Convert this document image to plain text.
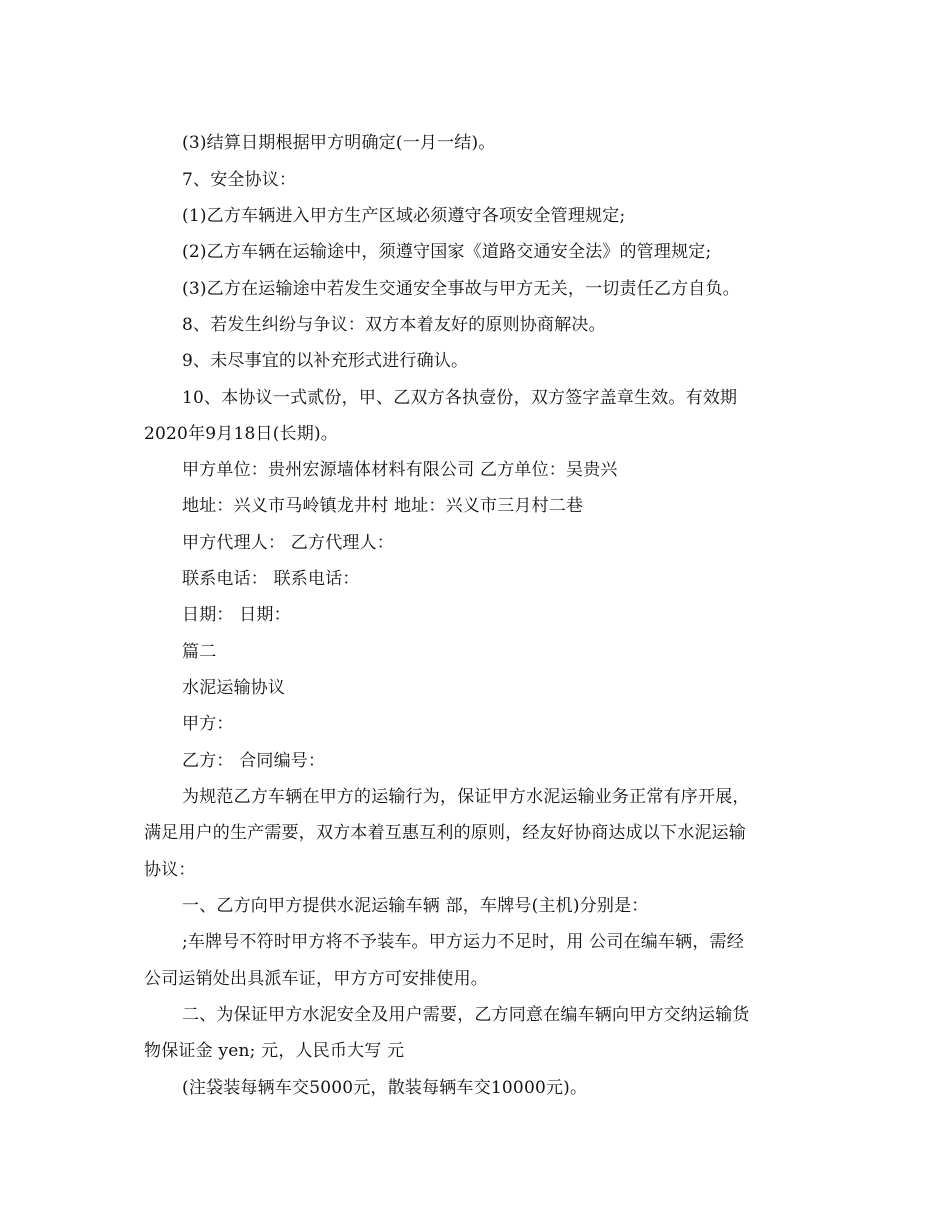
(3)结算日期根据甲方明确定(一月一结)。
7、安全协议：
(1)乙方车辆进入甲方生产区域必须遵守各项安全管理规定;
(2)乙方车辆在运输途中，须遵守国家《道路交通安全法》的管理规定;
(3)乙方在运输途中若发生交通安全事故与甲方无关，一切责任乙方自负。
8、若发生纠纷与争议：双方本着友好的原则协商解决。
9、未尽事宜的以补充形式进行确认。
10、本协议一式贰份，甲、乙双方各执壹份，双方签字盖章生效。有效期
2020年9月18日(长期)。
甲方单位：贵州宏源墙体材料有限公司 乙方单位：吴贵兴
地址：兴义市马岭镇龙井村 地址：兴义市三月村二巷
甲方代理人： 乙方代理人：
联系电话： 联系电话：
日期： 日期：
篇二
水泥运输协议
甲方：
乙方： 合同编号：
为规范乙方车辆在甲方的运输行为，保证甲方水泥运输业务正常有序开展，
满足用户的生产需要，双方本着互惠互利的原则，经友好协商达成以下水泥运输
协议：
一、乙方向甲方提供水泥运输车辆 部，车牌号(主机)分别是：
;车牌号不符时甲方将不予装车。甲方运力不足时，用 公司在编车辆，需经
公司运销处出具派车证，甲方方可安排使用。
二、为保证甲方水泥安全及用户需要，乙方同意在编车辆向甲方交纳运输货
物保证金 yen; 元，人民币大写 元
(注袋装每辆车交5000元，散装每辆车交10000元)。
